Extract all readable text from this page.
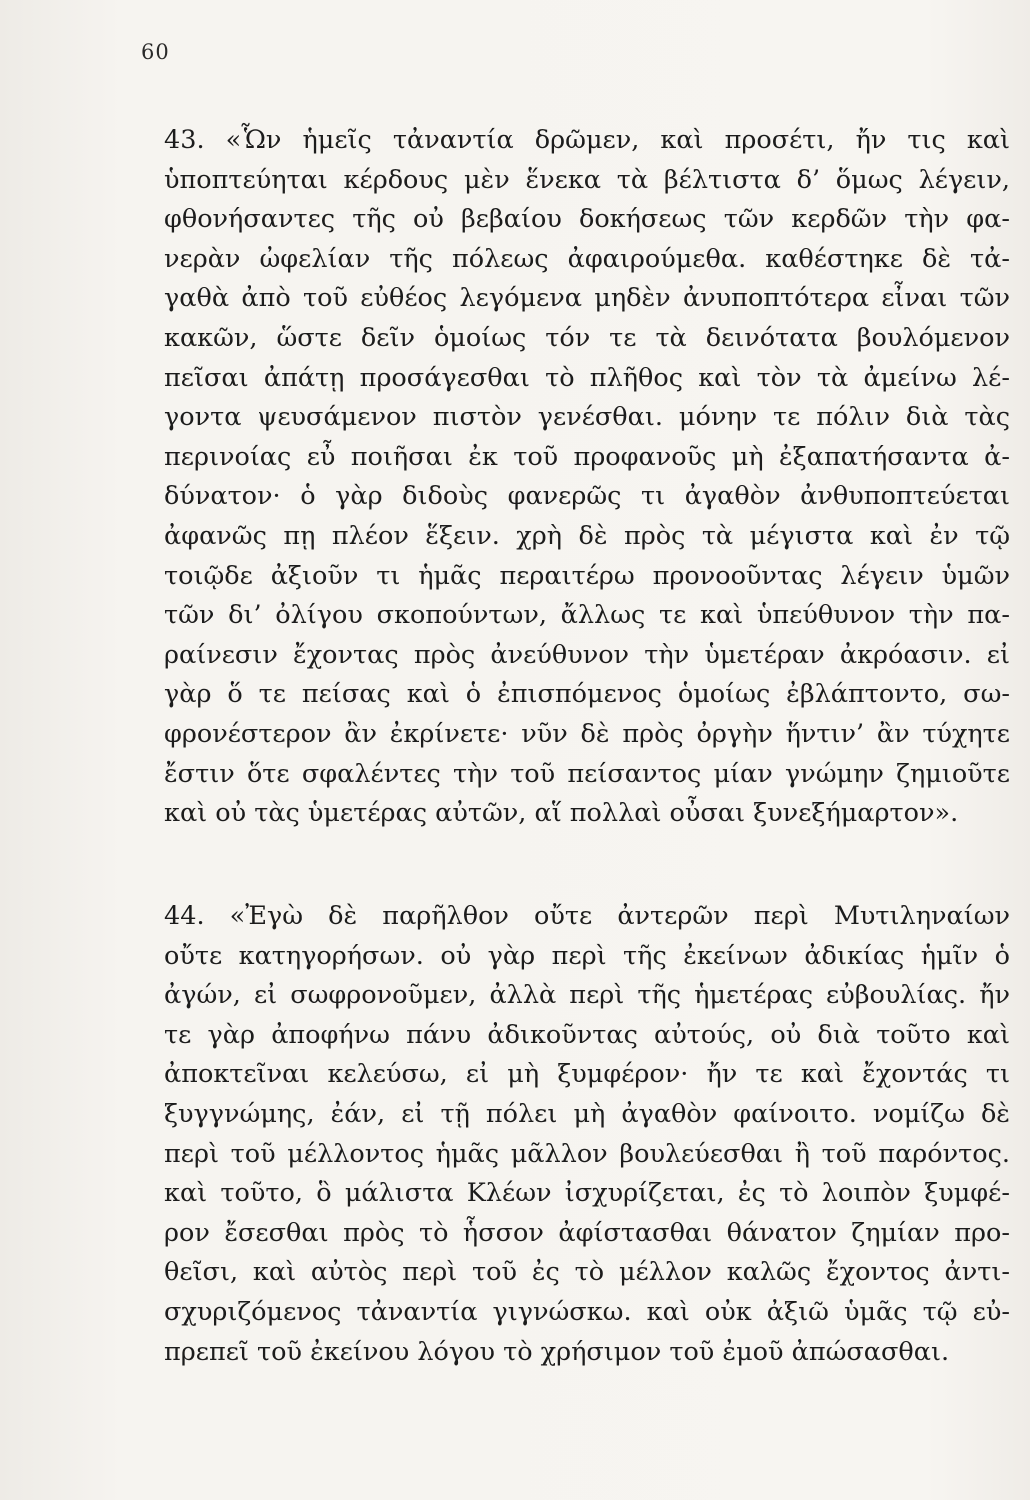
60
43. «Ὧν ἡμεῖς τἀναντία δρῶμεν, καὶ προσέτι, ἤν τις καὶ
ὑποπτεύηται κέρδους μὲν ἕνεκα τὰ βέλτιστα δ’ ὅμως λέγειν,
φθονήσαντες τῆς οὐ βεβαίου δοκήσεως τῶν κερδῶν τὴν φα-
νερὰν ὠφελίαν τῆς πόλεως ἀφαιρούμεθα. καθέστηκε δὲ τἀ-
γαθὰ ἀπὸ τοῦ εὐθέος λεγόμενα μηδὲν ἀνυποπτότερα εἶναι τῶν
κακῶν, ὥστε δεῖν ὁμοίως τόν τε τὰ δεινότατα βουλόμενον
πεῖσαι ἀπάτῃ προσάγεσθαι τὸ πλῆθος καὶ τὸν τὰ ἀμείνω λέ-
γοντα ψευσάμενον πιστὸν γενέσθαι. μόνην τε πόλιν διὰ τὰς
περινοίας εὖ ποιῆσαι ἐκ τοῦ προφανοῦς μὴ ἐξαπατήσαντα ἀ-
δύνατον· ὁ γὰρ διδοὺς φανερῶς τι ἀγαθὸν ἀνθυποπτεύεται
ἀφανῶς πῃ πλέον ἕξειν. χρὴ δὲ πρὸς τὰ μέγιστα καὶ ἐν τῷ
τοιῷδε ἀξιοῦν τι ἡμᾶς περαιτέρω προνοοῦντας λέγειν ὑμῶν
τῶν δι’ ὀλίγου σκοπούντων, ἄλλως τε καὶ ὑπεύθυνον τὴν πα-
ραίνεσιν ἔχοντας πρὸς ἀνεύθυνον τὴν ὑμετέραν ἀκρόασιν. εἰ
γὰρ ὅ τε πείσας καὶ ὁ ἐπισπόμενος ὁμοίως ἐβλάπτοντο, σω-
φρονέστερον ἂν ἐκρίνετε· νῦν δὲ πρὸς ὀργὴν ἥντιν’ ἂν τύχητε
ἔστιν ὅτε σφαλέντες τὴν τοῦ πείσαντος μίαν γνώμην ζημιοῦτε
καὶ οὐ τὰς ὑμετέρας αὐτῶν, αἵ πολλαὶ οὖσαι ξυνεξήμαρτον».
44. «Ἐγὼ δὲ παρῆλθον οὔτε ἀντερῶν περὶ Μυτιληναίων
οὔτε κατηγορήσων. οὐ γὰρ περὶ τῆς ἐκείνων ἀδικίας ἡμῖν ὁ
ἀγών, εἰ σωφρονοῦμεν, ἀλλὰ περὶ τῆς ἡμετέρας εὐβουλίας. ἤν
τε γὰρ ἀποφήνω πάνυ ἀδικοῦντας αὐτούς, οὐ διὰ τοῦτο καὶ
ἀποκτεῖναι κελεύσω, εἰ μὴ ξυμφέρον· ἤν τε καὶ ἔχοντάς τι
ξυγγνώμης, ἐάν, εἰ τῇ πόλει μὴ ἀγαθὸν φαίνοιτο. νομίζω δὲ
περὶ τοῦ μέλλοντος ἡμᾶς μᾶλλον βουλεύεσθαι ἢ τοῦ παρόντος.
καὶ τοῦτο, ὃ μάλιστα Κλέων ἰσχυρίζεται, ἐς τὸ λοιπὸν ξυμφέ-
ρον ἔσεσθαι πρὸς τὸ ἧσσον ἀφίστασθαι θάνατον ζημίαν προ-
θεῖσι, καὶ αὐτὸς περὶ τοῦ ἐς τὸ μέλλον καλῶς ἔχοντος ἀντι-
σχυριζόμενος τἀναντία γιγνώσκω. καὶ οὐκ ἀξιῶ ὑμᾶς τῷ εὐ-
πρεπεῖ τοῦ ἐκείνου λόγου τὸ χρήσιμον τοῦ ἐμοῦ ἀπώσασθαι.
